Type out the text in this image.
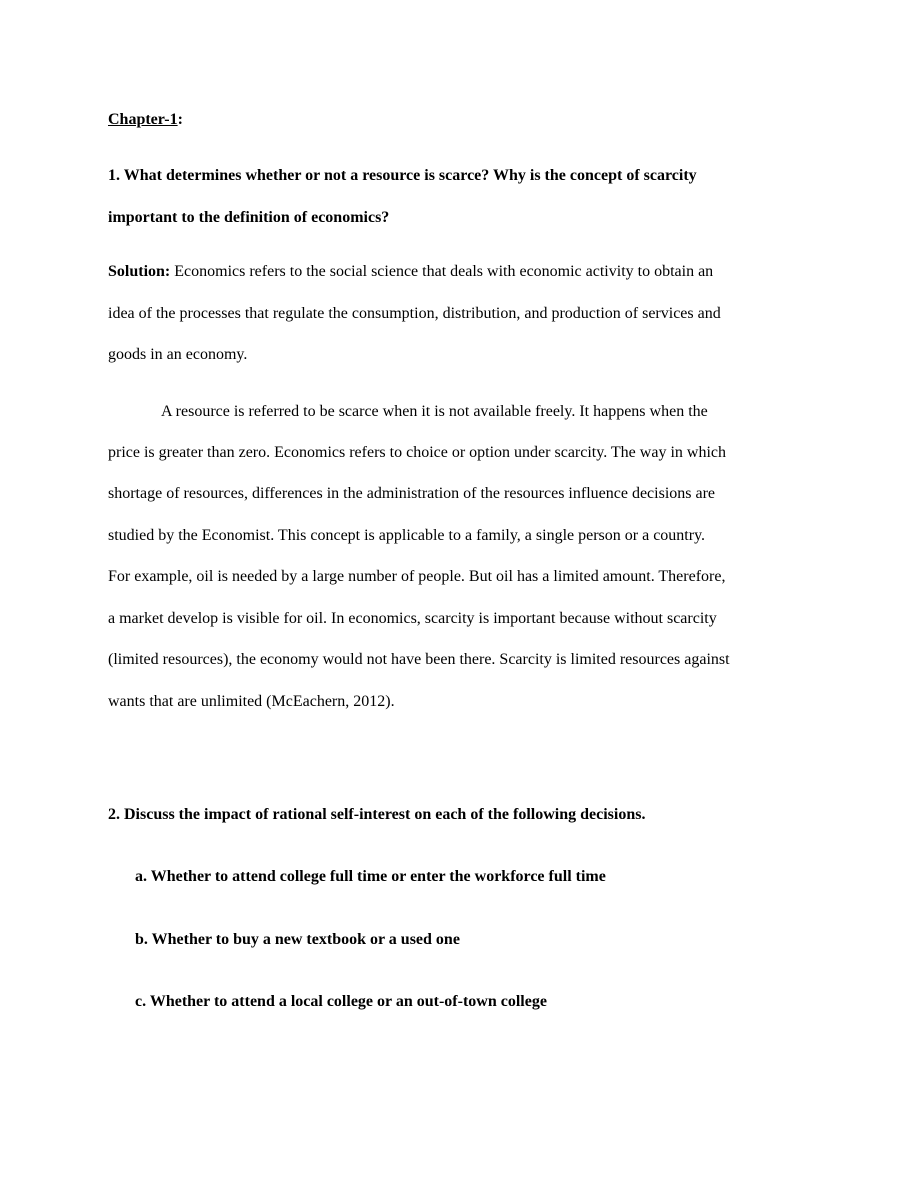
Chapter-1:
1. What determines whether or not a resource is scarce? Why is the concept of scarcity
important to the definition of economics?
Solution: Economics refers to the social science that deals with economic activity to obtain an
idea of the processes that regulate the consumption, distribution, and production of services and
goods in an economy.
A resource is referred to be scarce when it is not available freely. It happens when the
price is greater than zero. Economics refers to choice or option under scarcity. The way in which
shortage of resources, differences in the administration of the resources influence decisions are
studied by the Economist. This concept is applicable to a family, a single person or a country.
For example, oil is needed by a large number of people. But oil has a limited amount. Therefore,
a market develop is visible for oil. In economics, scarcity is important because without scarcity
(limited resources), the economy would not have been there. Scarcity is limited resources against
wants that are unlimited (McEachern, 2012).
2. Discuss the impact of rational self-interest on each of the following decisions.
a. Whether to attend college full time or enter the workforce full time
b. Whether to buy a new textbook or a used one
c. Whether to attend a local college or an out-of-town college
